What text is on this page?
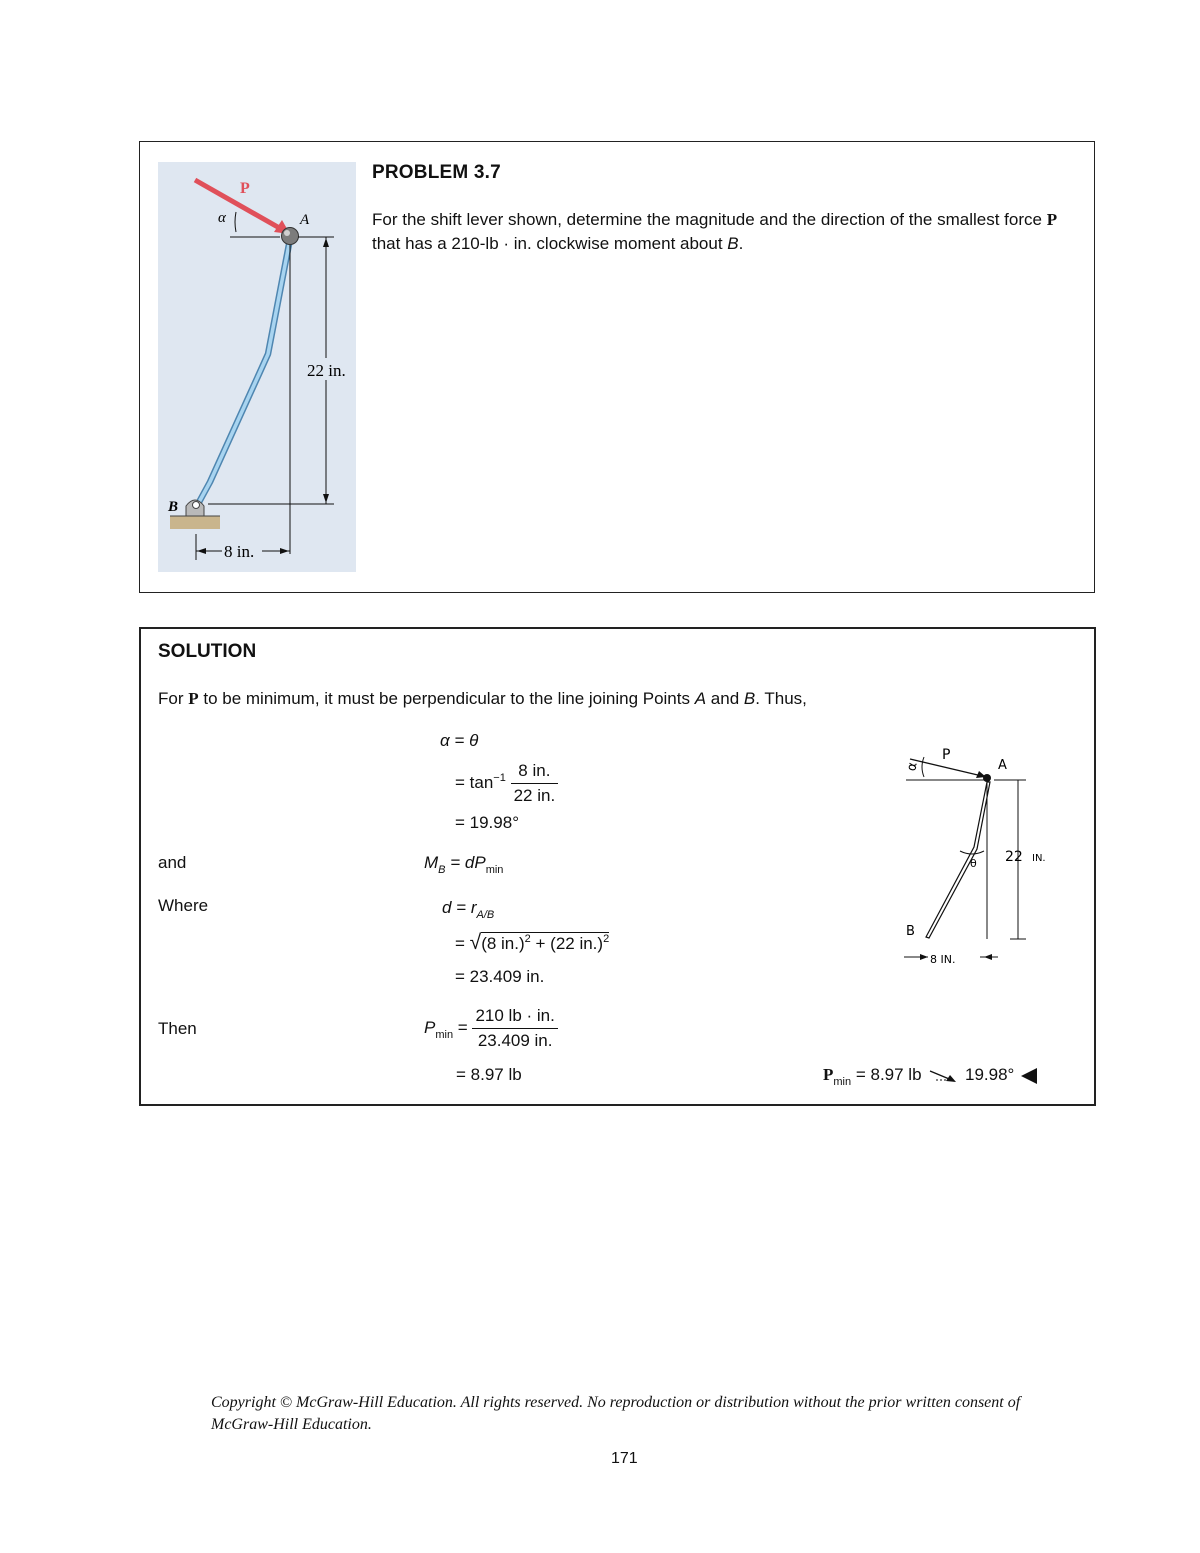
P
α	A
22 in.
B
8 in.
PROBLEM 3.7
For the shift lever shown, determine the magnitude and the direction of the smallest force P that has a 210-lb · in. clockwise moment about B.
SOLUTION
For P to be minimum, it must be perpendicular to the line joining Points A and B. Thus,
α = θ
= $\tan^{-1} \frac{8 in.}{22 in.}$
= 19.98°
and	$M_B = dP_{min}$
Where	$d = r_{A/B}$
= √(8 in.)$^2$ + (22 in.)$^2$
= 23.409 in.
Then	$P_{min} = \frac{210 lb \cdot in.}{23.409 in.}$
= 8.97 lb	$P_{min} = 8.97$ lb	19.98°
α
P
A
θ 22 IN.
B
8 IN.
Copyright © McGraw-Hill Education. All rights reserved. No reproduction or distribution without the prior written consent of McGraw-Hill Education.
171
